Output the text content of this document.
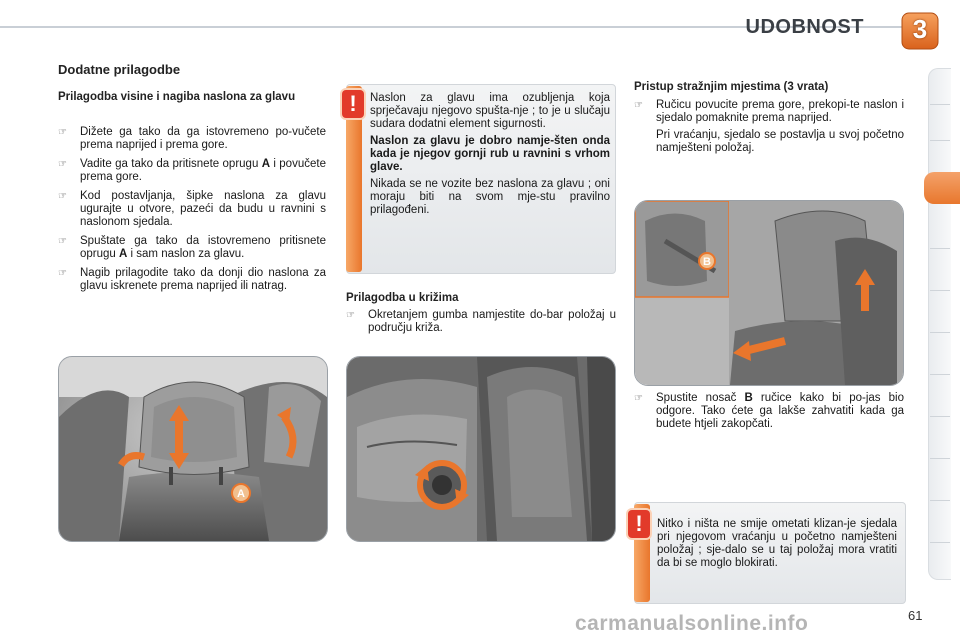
UDOBNOST	3
Dodatne prilagodbe
Prilagodba visine i nagiba naslona za glavu
☞ Dižete ga tako da ga istovremeno po-vučete prema naprijed i prema gore.
☞ Vadite ga tako da pritisnete oprugu A i povučete prema gore.
☞ Kod postavljanja, šipke naslona za glavu ugurajte u otvore, pazeći da budu u ravnini s naslonom sjedala.
☞ Spuštate ga tako da istovremeno pritisnete oprugu A i sam naslon za glavu.
☞ Nagib prilagodite tako da donji dio naslona za glavu iskrenete prema naprijed ili natrag.
!	Naslon za glavu ima ozubljenja koja sprječavaju njegovo spušta-nje ; to je u slučaju sudara dodatni element sigurnosti.

Naslon za glavu je dobro namje-šten onda kada je njegov gornji rub u ravnini s vrhom glave.

Nikada se ne vozite bez naslona za glavu ; oni moraju biti na svom mje-stu pravilno prilagođeni.

Prilagodba u križima
☞ Okretanjem gumba namjestite do-bar položaj u području križa.
Pristup stražnjim mjestima (3 vrata)
☞ Ručicu povucite prema gore, prekopi-te naslon i sjedalo pomaknite prema naprijed.

Pri vraćanju, sjedalo se postavlja u svoj početno namješteni položaj.

☞ Spustite nosač B ručice kako bi po-jas bio odgore. Tako ćete ga lakše zahvatiti kada ga budete htjeli zakopčati.
!	Nitko i ništa ne smije ometati klizan-je sjedala pri njegovom vraćanju u početno namješteni položaj ; sje-dalo se u taj položaj mora vratiti da bi se moglo blokirati.

A
B
carmanualsonline.info	61
